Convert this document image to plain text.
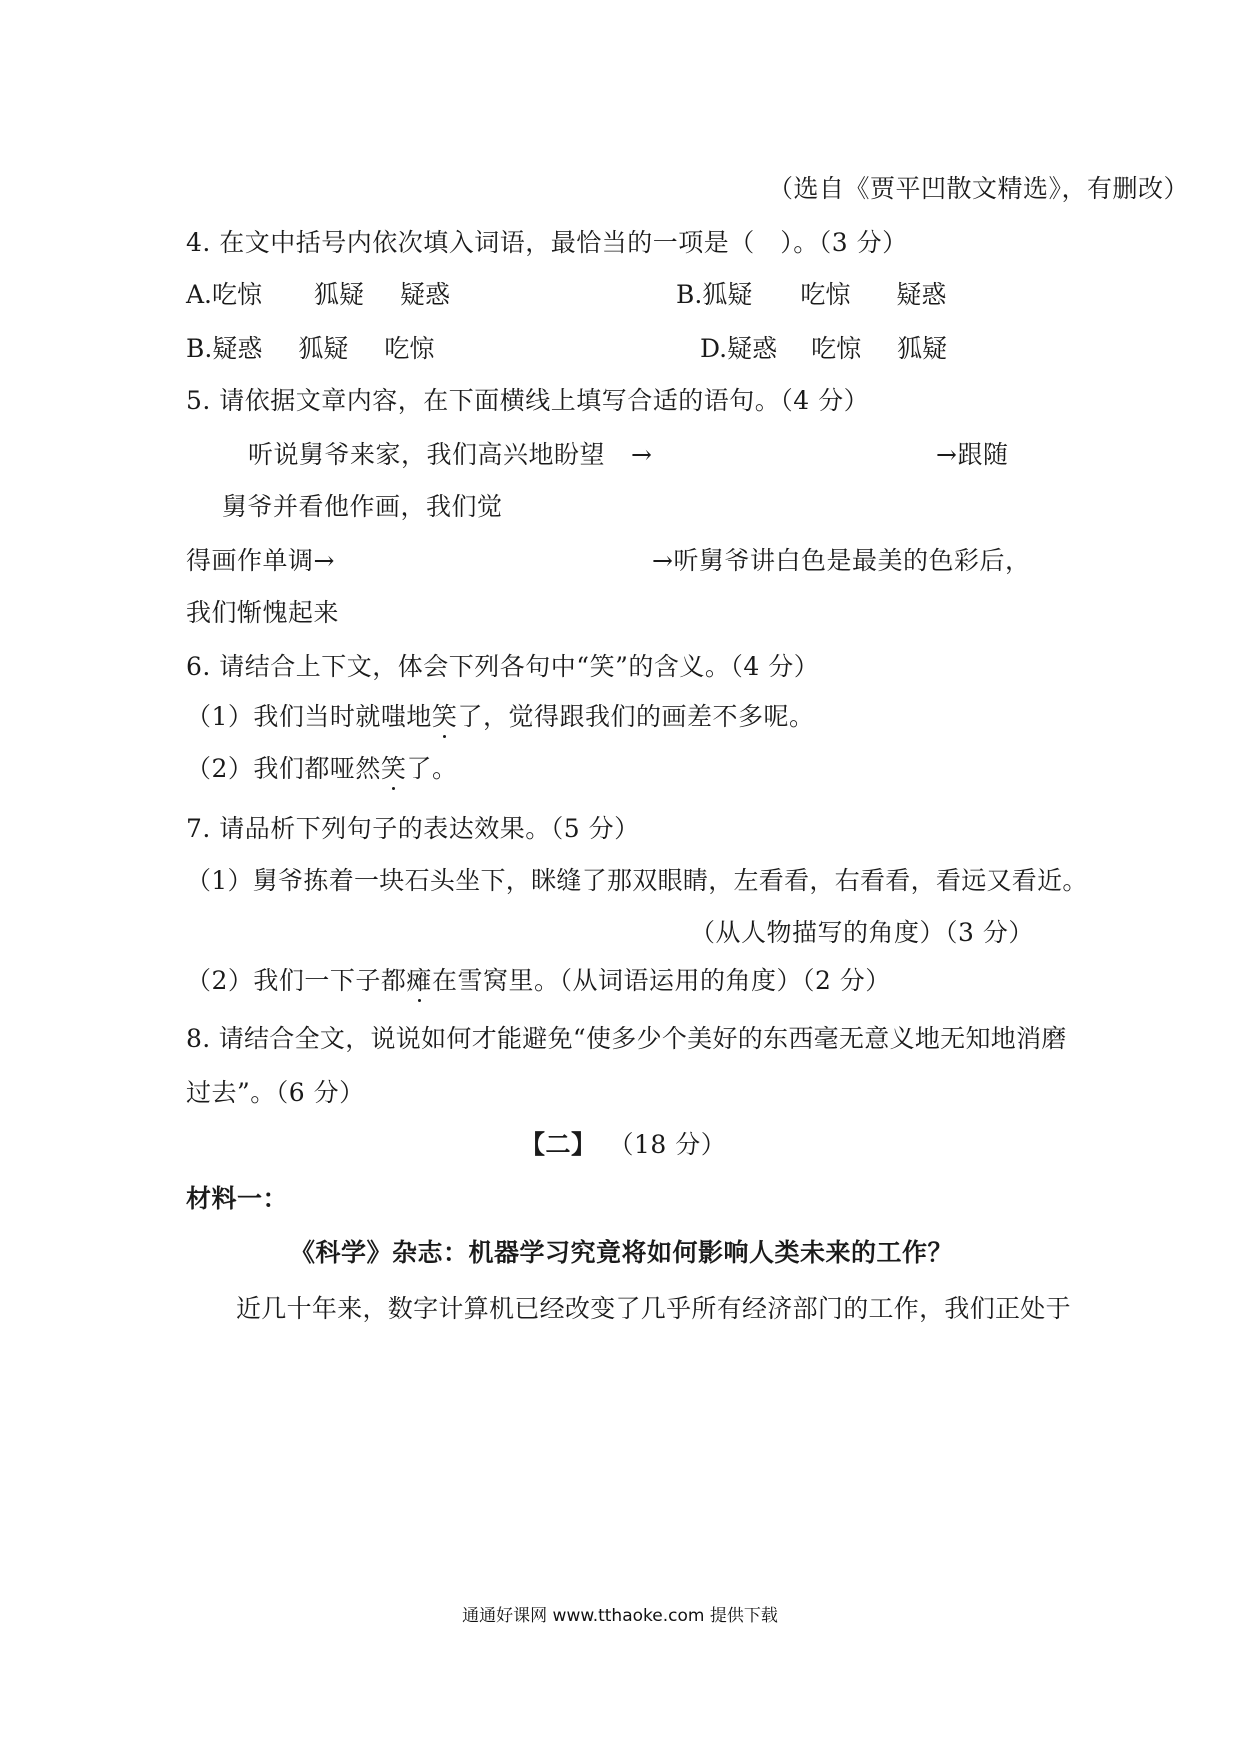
（选自《贾平凹散文精选》，有删改）
4. 在文中括号内依次填入词语，最恰当的一项是（　）。（3 分）
A.吃惊 狐疑 疑惑	B.狐疑 吃惊 疑惑
B.疑惑 狐疑 吃惊	D.疑惑 吃惊 狐疑
5. 请依据文章内容，在下面横线上填写合适的语句。（4 分）
听说舅爷来家，我们高兴地盼望 →	→跟随
舅爷并看他作画，我们觉
得画作单调→	→听舅爷讲白色是最美的色彩后，
我们惭愧起来
6. 请结合上下文，体会下列各句中“笑”的含义。（4 分）
（1）我们当时就嗤地笑了，觉得跟我们的画差不多呢。
（2）我们都哑然笑了。
7. 请品析下列句子的表达效果。（5 分）
（1）舅爷拣着一块石头坐下，眯缝了那双眼睛，左看看，右看看，看远又看近。
（从人物描写的角度）（3 分）
（2）我们一下子都瘫在雪窝里。（从词语运用的角度）（2 分）
8. 请结合全文，说说如何才能避免“使多少个美好的东西毫无意义地无知地消磨
过去”。（6 分）
【二】 （18 分）
材料一：
《科学》杂志：机器学习究竟将如何影响人类未来的工作？
近几十年来，数字计算机已经改变了几乎所有经济部门的工作，我们正处于
通通好课网 www.tthaoke.com 提供下载
